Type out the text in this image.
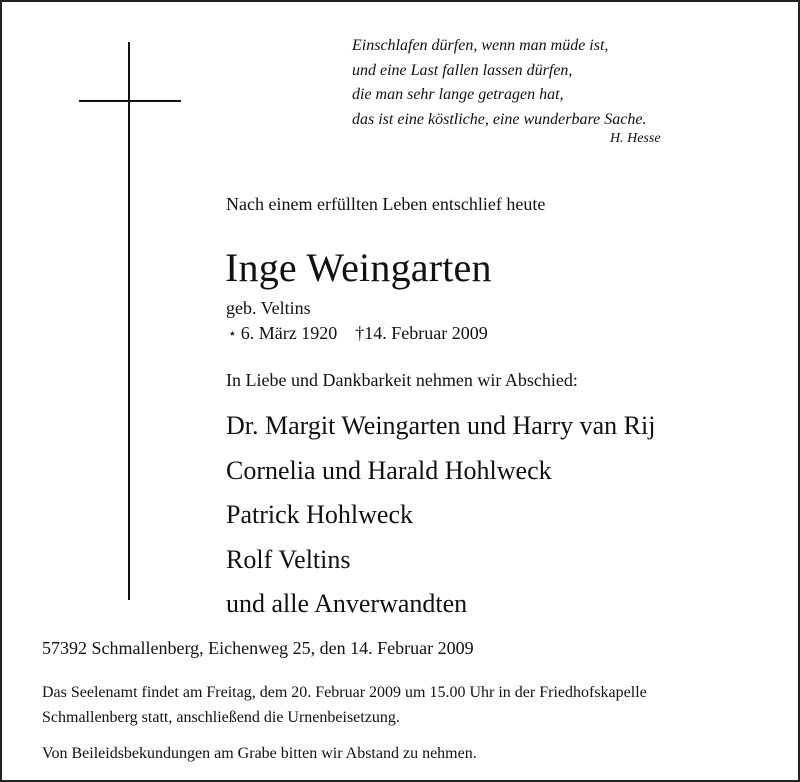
Einschlafen dürfen, wenn man müde ist,
und eine Last fallen lassen dürfen,
die man sehr lange getragen hat,
das ist eine köstliche, eine wunderbare Sache.
H. Hesse
Nach einem erfüllten Leben entschlief heute
Inge Weingarten
geb. Veltins
⋆ 6. März 1920 †14. Februar 2009
In Liebe und Dankbarkeit nehmen wir Abschied:
Dr. Margit Weingarten und Harry van Rij
Cornelia und Harald Hohlweck
Patrick Hohlweck
Rolf Veltins
und alle Anverwandten
57392 Schmallenberg, Eichenweg 25, den 14. Februar 2009
Das Seelenamt findet am Freitag, dem 20. Februar 2009 um 15.00 Uhr in der Friedhofskapelle
Schmallenberg statt, anschließend die Urnenbeisetzung.
Von Beileidsbekundungen am Grabe bitten wir Abstand zu nehmen.
